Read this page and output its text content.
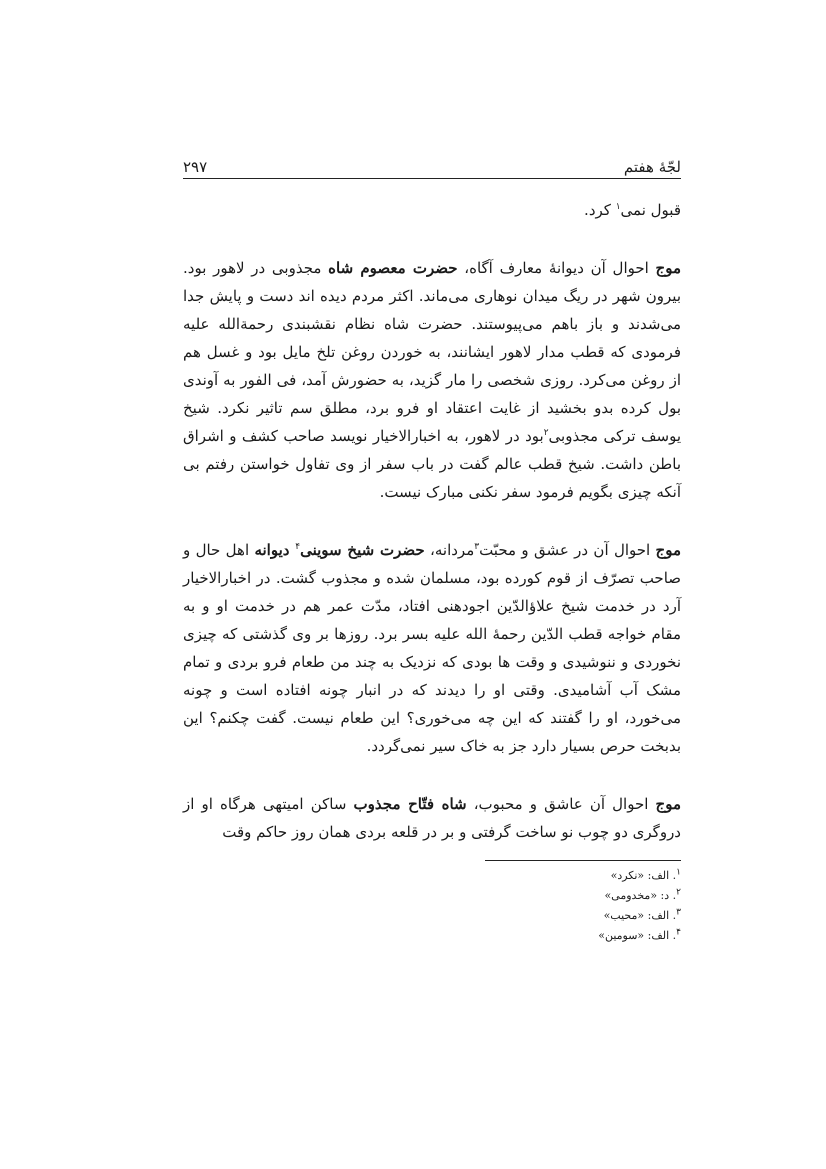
لجّهٔ هفتم
۲۹۷

قبول نمی$^۱$ کرد.

موج احوال آن دیوانهٔ معارف آگاه، حضرت معصوم شاه مجذوبی در لاهور بود. بیرون شهر در ریگ میدان نوهاری می‌ماند. اکثر مردم دیده اند دست و پایش جدا می‌شدند و باز باهم می‌پیوستند. حضرت شاه نظام نقشبندی رحمةالله علیه فرمودی که قطب مدار لاهور ایشانند، به خوردن روغن تلخ مایل بود و غسل هم از روغن می‌کرد. روزی شخصی را مار گزید، به حضورش آمد، فی الفور به آوندی بول کرده بدو بخشید از غایت اعتقاد او فرو برد، مطلق سم تاثیر نکرد. شیخ یوسف ترکی مجذوبی$^۲$بود در لاهور، به اخبارالاخیار نویسد صاحب کشف و اشراق باطن داشت. شیخ قطب عالم گفت در باب سفر از وی تفاول خواستن رفتم بی آنکه چیزی بگویم فرمود سفر نکنی مبارک نیست.

موج احوال آن در عشق و محبّت$^۳$مردانه، حضرت شیخ سوینی$^۴$ دیوانه اهل حال و صاحب تصرّف از قوم کورده بود، مسلمان شده و مجذوب گشت. در اخبارالاخیار آرد در خدمت شیخ علاؤالدّین اجودهنی افتاد، مدّت عمر هم در خدمت او و به مقام خواجه قطب الدّین رحمهٔ الله علیه بسر برد. روزها بر وی گذشتی که چیزی نخوردی و ننوشیدی و وقت ها بودی که نزدیک به چند من طعام فرو بردی و تمام مشک آب آشامیدی. وقتی او را دیدند که در انبار چونه افتاده است و چونه می‌خورد، او را گفتند که این چه می‌خوری؟ این طعام نیست. گفت چکنم؟ این بدبخت حرص بسیار دارد جز به خاک سیر نمی‌گردد.

موج احوال آن عاشق و محبوب، شاه فتّاح مجذوب ساکن امیتهی هرگاه او از دروگری دو چوب نو ساخت گرفتی و بر در قلعه بردی همان روز حاکم وقت

$^۱$. الف: «نکرد»
$^۲$. د: «مخدومی»
$^۳$. الف: «محیب»
$^۴$. الف: «سومین»
